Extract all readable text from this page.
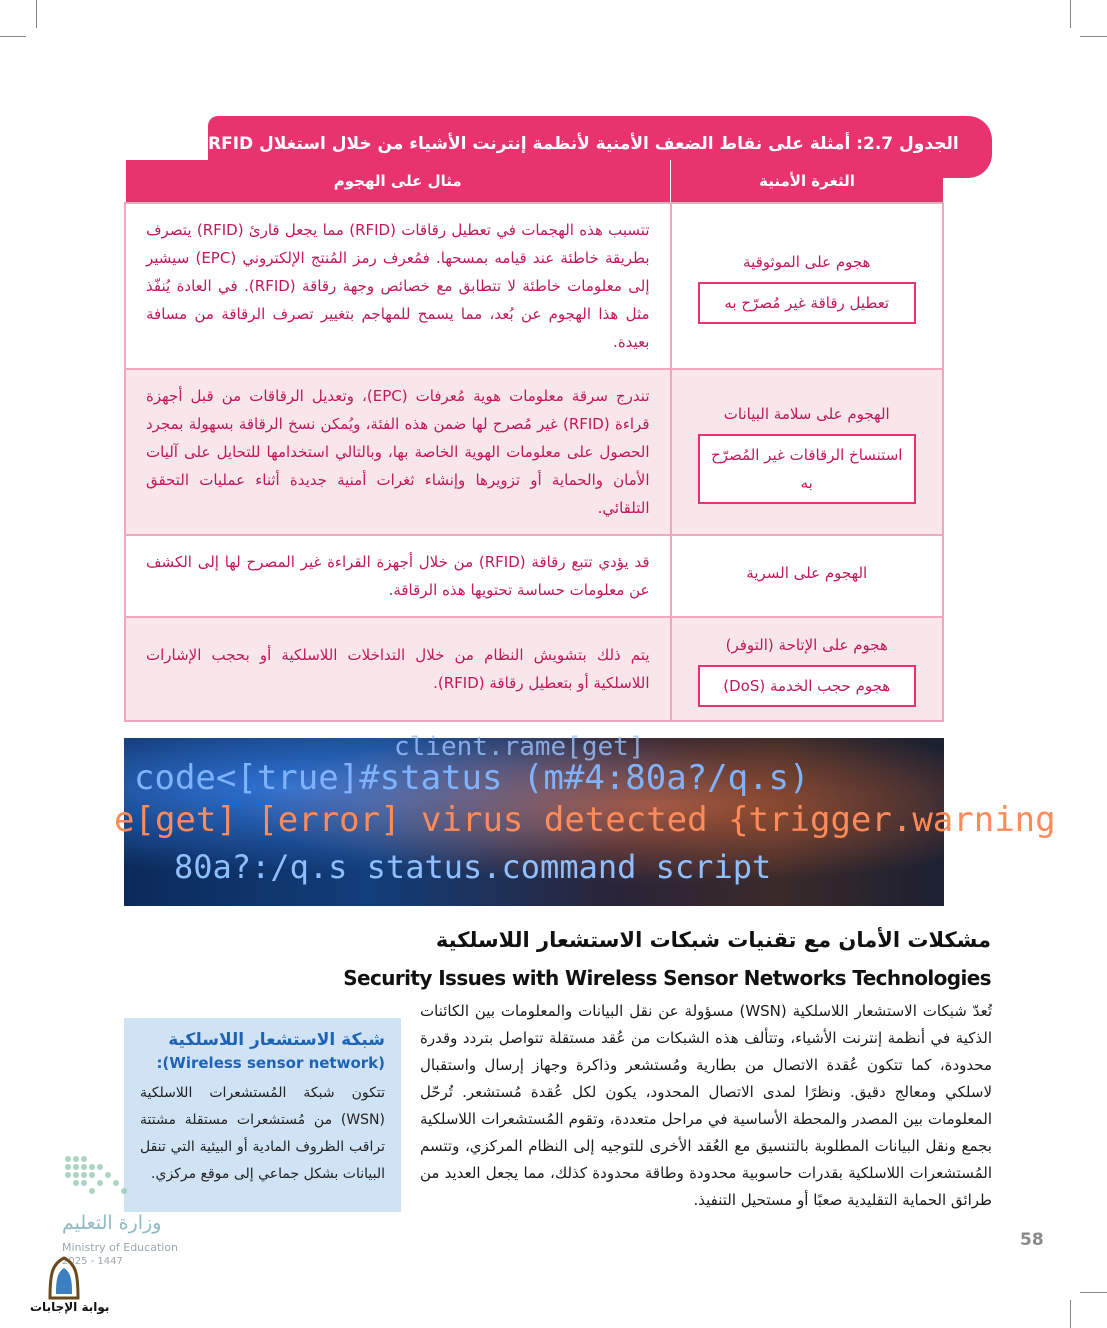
الجدول 2.7: أمثلة على نقاط الضعف الأمنية لأنظمة إنترنت الأشياء من خلال استغلال RFID
الثغرة الأمنية	مثال على الهجوم

هجوم على الموثوقية
تعطيل رقاقة غير مُصرّح به	تتسبب هذه الهجمات في تعطيل رقاقات (RFID) مما يجعل قارئ (RFID) يتصرف بطريقة خاطئة عند قيامه بمسحها. فمُعرف رمز المُنتج الإلكتروني (EPC) سيشير إلى معلومات خاطئة لا تتطابق مع خصائص وجهة رقاقة (RFID). في العادة يُنفّذ مثل هذا الهجوم عن بُعد، مما يسمح للمهاجم بتغيير تصرف الرقاقة من مسافة بعيدة.

الهجوم على سلامة البيانات
استنساخ الرقاقات غير المُصرّح به	تندرج سرقة معلومات هوية مُعرفات (EPC)، وتعديل الرقاقات من قبل أجهزة قراءة (RFID) غير مُصرح لها ضمن هذه الفئة، ويُمكن نسخ الرقاقة بسهولة بمجرد الحصول على معلومات الهوية الخاصة بها، وبالتالي استخدامها للتحايل على آليات الأمان والحماية أو تزويرها وإنشاء ثغرات أمنية جديدة أثناء عمليات التحقق التلقائي.

الهجوم على السرية	قد يؤدي تتبع رقاقة (RFID) من خلال أجهزة القراءة غير المصرح لها إلى الكشف عن معلومات حساسة تحتويها هذه الرقاقة.

هجوم على الإتاحة (التوفر)
هجوم حجب الخدمة (DoS)	يتم ذلك بتشويش النظام من خلال التداخلات اللاسلكية أو بحجب الإشارات اللاسلكية أو بتعطيل رقاقة (RFID).
client.rame[get]
code<[true]#status (m#4:80a?/q.s)
e[get] [error] virus detected {trigger.warning
80a?:/q.s status.command script
مشكلات الأمان مع تقنيات شبكات الاستشعار اللاسلكية
Security Issues with Wireless Sensor Networks Technologies
تُعدّ شبكات الاستشعار اللاسلكية (WSN) مسؤولة عن نقل البيانات والمعلومات بين الكائنات الذكية في أنظمة إنترنت الأشياء، وتتألف هذه الشبكات من عُقد مستقلة تتواصل بتردد وقدرة محدودة، كما تتكون عُقدة الاتصال من بطارية ومُستشعر وذاكرة وجهاز إرسال واستقبال لاسلكي ومعالج دقيق. ونظرًا لمدى الاتصال المحدود، يكون لكل عُقدة مُستشعر. تُرحّل المعلومات بين المصدر والمحطة الأساسية في مراحل متعددة، وتقوم المُستشعرات اللاسلكية بجمع ونقل البيانات المطلوبة بالتنسيق مع العُقد الأخرى للتوجيه إلى النظام المركزي، وتتسم المُستشعرات اللاسلكية بقدرات حاسوبية محدودة وطاقة محدودة كذلك، مما يجعل العديد من طرائق الحماية التقليدية صعبًا أو مستحيل التنفيذ.
شبكة الاستشعار اللاسلكية
(Wireless sensor network):
تتكون شبكة المُستشعرات اللاسلكية (WSN) من مُستشعرات مستقلة مشتتة تراقب الظروف المادية أو البيئية التي تنقل البيانات بشكل جماعي إلى موقع مركزي.
وزارة التعليم
Ministry of Education
2025 - 1447
بوابة الإجابات
58
